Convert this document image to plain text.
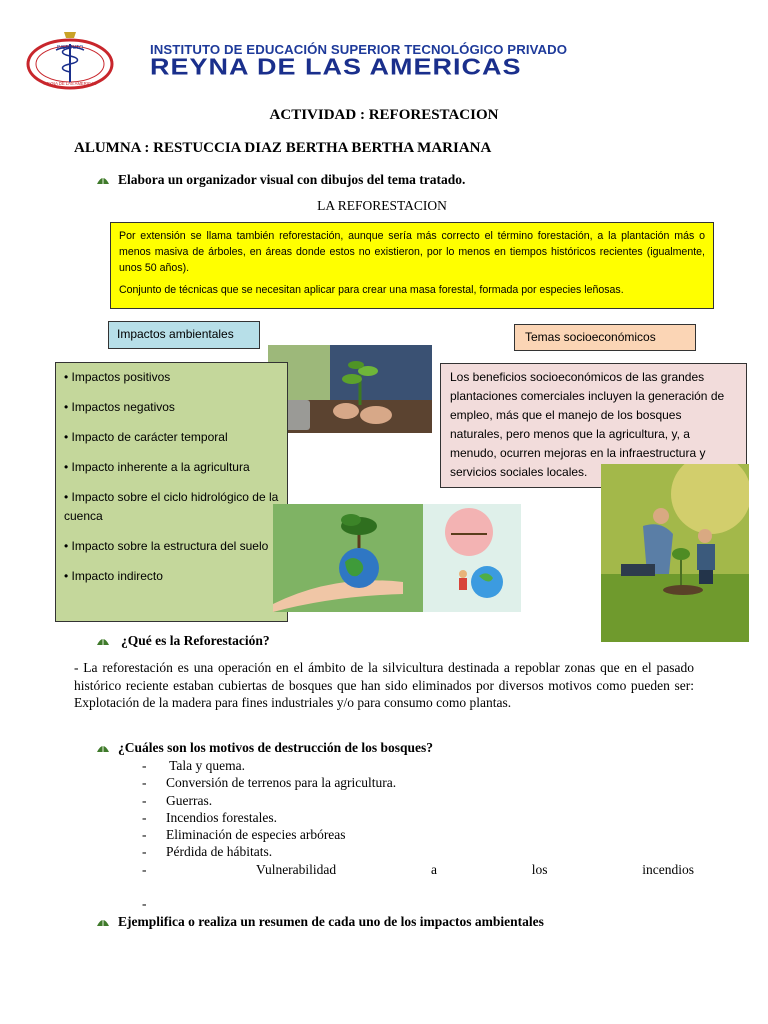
INSTITUTO
REYNA DE LAS AMERICAS
INSTITUTO DE EDUCACIÓN SUPERIOR TECNOLÓGICO PRIVADO
REYNA DE LAS AMERICAS
ACTIVIDAD : REFORESTACION
ALUMNA : RESTUCCIA DIAZ BERTHA BERTHA MARIANA
Elabora un organizador visual con dibujos del tema tratado.
LA REFORESTACION

Por extensión se llama también reforestación, aunque sería más correcto el término forestación, a la plantación más o menos masiva de árboles, en áreas donde estos no existieron, por lo menos en tiempos históricos recientes (igualmente, unos 50 años).

Conjunto de técnicas que se necesitan aplicar para crear una masa forestal, formada por especies leñosas.

Impactos ambientales	Temas socioeconómicos
• Impactos positivos
• Impactos negativos
• Impacto de carácter temporal
• Impacto inherente a la agricultura
• Impacto sobre el ciclo hidrológico de la cuenca
• Impacto sobre la estructura del suelo
• Impacto indirecto
Los beneficios socioeconómicos de las grandes plantaciones comerciales incluyen la generación de empleo, más que el manejo de los bosques naturales, pero menos que la agricultura, y, a menudo, ocurren mejoras en la infraestructura y servicios sociales locales.
¿Qué es la Reforestación?
- La reforestación es una operación en el ámbito de la silvicultura destinada a repoblar zonas que en el pasado histórico reciente estaban cubiertas de bosques que han sido eliminados por diversos motivos como pueden ser: Explotación de la madera para fines industriales y/o para consumo como plantas.
¿Cuáles son los motivos de destrucción de los bosques?
-	Tala y quema.
-	Conversión de terrenos para la agricultura.
-	Guerras.
-	Incendios forestales.
-	Eliminación de especies arbóreas
-	Pérdida de hábitats.
-	Vulnerabilidad	a	los	incendios
-
Ejemplifica o realiza un resumen de cada uno de los impactos ambientales
